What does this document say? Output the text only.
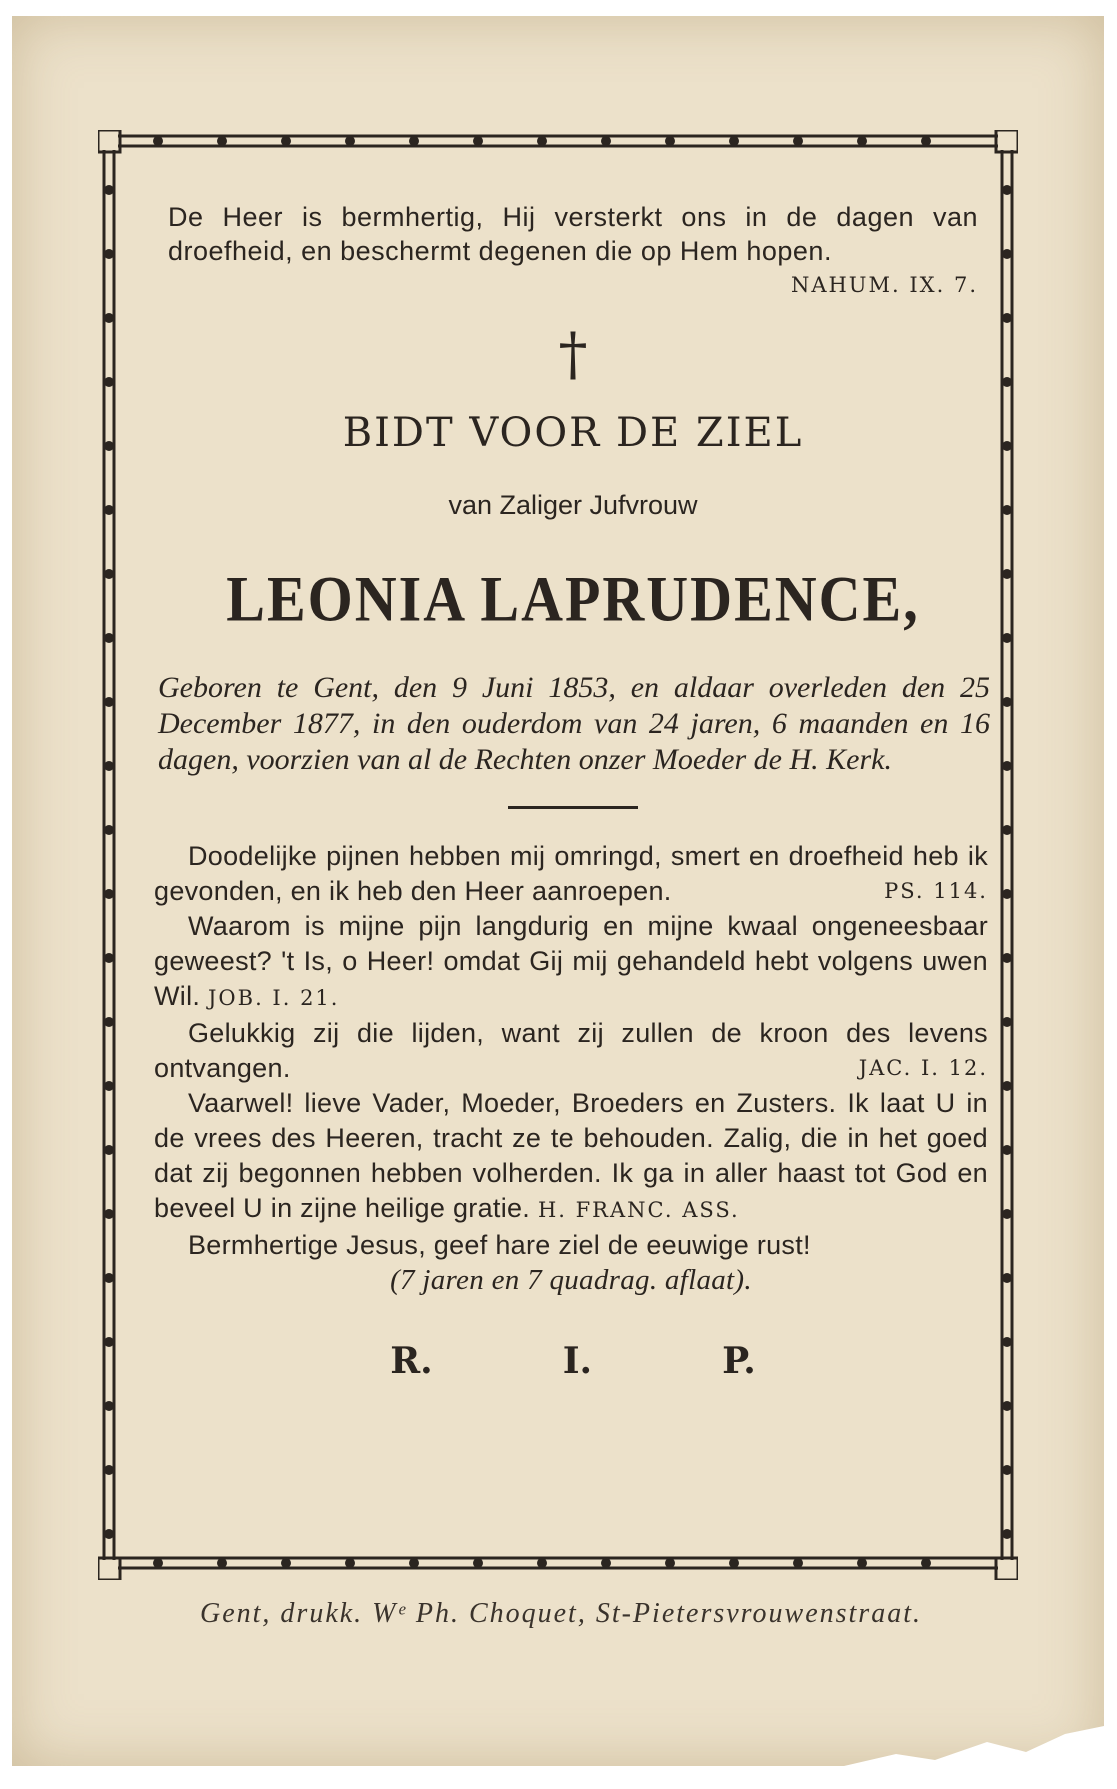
De Heer is bermhertig, Hij versterkt ons in de dagen van droefheid, en beschermt degenen die op Hem hopen.
NAHUM. IX. 7.

†
BIDT VOOR DE ZIEL
van Zaliger Jufvrouw
LEONIA LAPRUDENCE,

Geboren te Gent, den 9 Juni 1853, en aldaar overleden den 25 December 1877, in den ouderdom van 24 jaren, 6 maanden en 16 dagen, voorzien van al de Rechten onzer Moeder de H. Kerk.

Doodelijke pijnen hebben mij omringd, smert en droefheid heb ik gevonden, en ik heb den Heer aanroepen.	PS. 114.

Waarom is mijne pijn langdurig en mijne kwaal ongeneesbaar geweest? 't Is, o Heer! omdat Gij mij gehandeld hebt volgens uwen Wil. JOB. I. 21.

Gelukkig zij die lijden, want zij zullen de kroon des levens ontvangen.	JAC. I. 12.

Vaarwel! lieve Vader, Moeder, Broeders en Zusters. Ik laat U in de vrees des Heeren, tracht ze te behouden. Zalig, die in het goed dat zij begonnen hebben volherden. Ik ga in aller haast tot God en beveel U in zijne heilige gratie. H. FRANC. ASS.

Bermhertige Jesus, geef hare ziel de eeuwige rust!

(7 jaren en 7 quadrag. aflaat).

R.	I.	P.
Gent, drukk. Wᵉ Ph. Choquet, St-Pietersvrouwenstraat.
